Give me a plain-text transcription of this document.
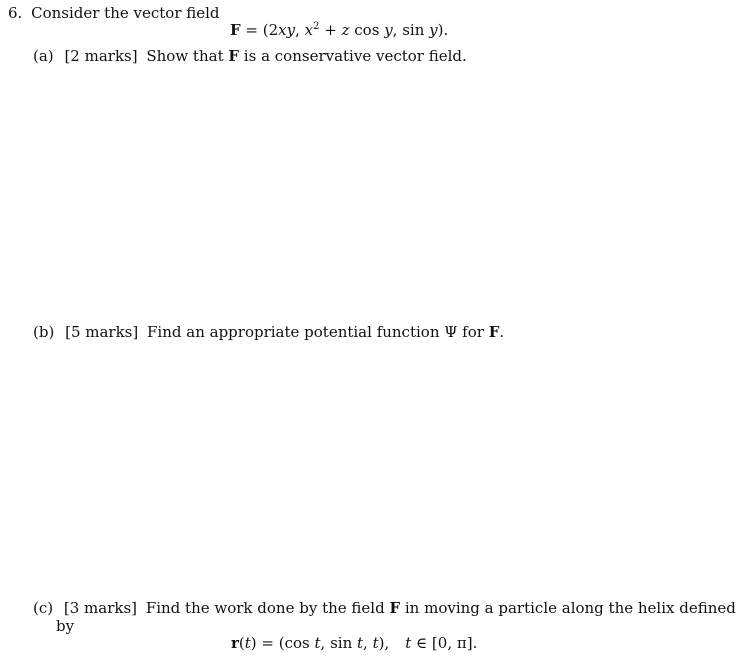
6. Consider the vector field
F = (2xy, $x^2 + z$ cos y, sin y).
(a) [2 marks] Show that F is a conservative vector field.
(b) [5 marks] Find an appropriate potential function Ψ for F.
(c) [3 marks] Find the work done by the field F in moving a particle along the helix defined
by
r(t) = (cos t, sin t, t), t ∈ [0, π].
